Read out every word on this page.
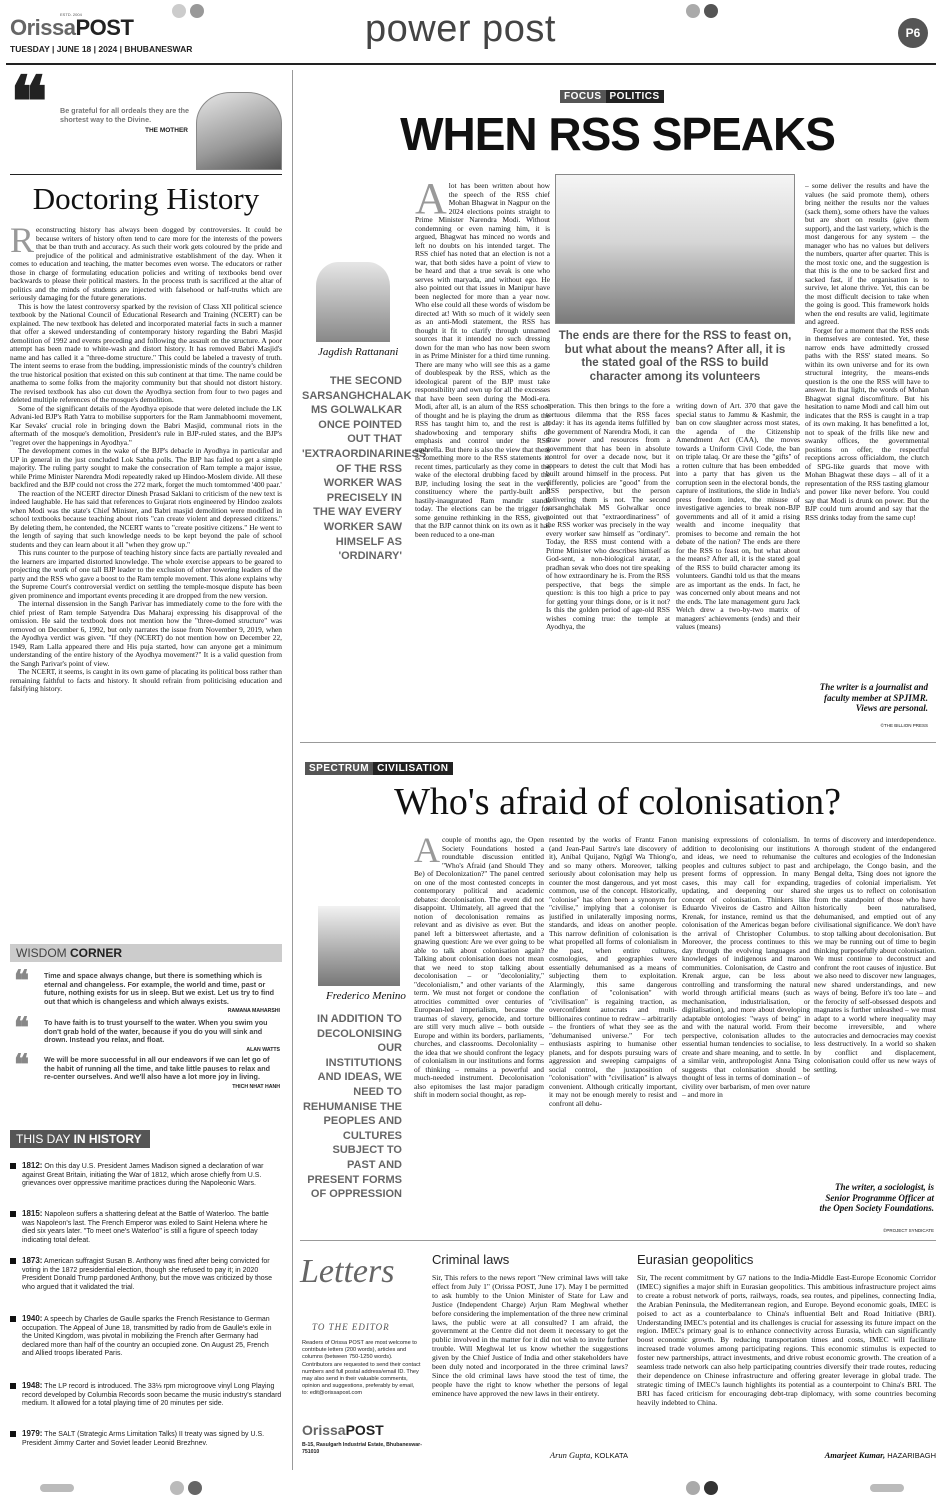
ESTD. 2004
OrissaPOST
TUESDAY | JUNE 18 | 2024 | BHUBANESWAR	power post	P6
❝ Be grateful for all ordeals they are the shortest way to the Divine.
THE MOTHER
Doctoring History

Reconstructing history has always been dogged by controversies. It could be because writers of history often tend to care more for the interests of the powers that be than truth and accuracy. As such their work gets coloured by the pride and prejudice of the political and administrative establishment of the day. When it comes to education and teaching, the matter becomes even worse. The educators or rather those in charge of formulating education policies and writing of textbooks bend over backwards to please their political masters. In the process truth is sacrificed at the altar of politics and the minds of students are injected with falsehood or half-truths which are seriously damaging for the future generations.

This is how the latest controversy sparked by the revision of Class XII political science textbook by the National Council of Educational Research and Training (NCERT) can be explained. The new textbook has deleted and incorporated material facts in such a manner that offer a skewed understanding of contemporary history regarding the Babri Masjid demolition of 1992 and events preceding and following the assault on the structure. A poor attempt has been made to white-wash and distort history. It has removed Babri Masjid's name and has called it a "three-dome structure." This could be labeled a travesty of truth. The intent seems to erase from the budding, impressionistic minds of the country's children the true historical position that existed on this sub continent at that time. The name could be anathema to some folks from the majority community but that should not distort history. The revised textbook has also cut down the Ayodhya section from four to two pages and deleted multiple references of the mosque's demolition.

Some of the significant details of the Ayodhya episode that were deleted include the LK Advani-led BJP's Rath Yatra to mobilise supporters for the Ram Janmabhoomi movement, Kar Sevaks' crucial role in bringing down the Babri Masjid, communal riots in the aftermath of the mosque's demolition, President's rule in BJP-ruled states, and the BJP's "regret over the happenings in Ayodhya."

The development comes in the wake of the BJP's debacle in Ayodhya in particular and UP in general in the just concluded Lok Sabha polls. The BJP has failed to get a simple majority. The ruling party sought to make the consecration of Ram temple a major issue, while Prime Minister Narendra Modi repeatedly raked up Hindoo-Moslem divide. All these backfired and the BJP could not cross the 272 mark, forget the much tomtommed '400 paar.'

The reaction of the NCERT director Dinesh Prasad Saklani to criticism of the new text is indeed laughable. He has said that references to Gujarat riots engineered by Hindoo zealots when Modi was the state's Chief Minister, and Babri masjid demolition were modified in school textbooks because teaching about riots "can create violent and depressed citizens." By deleting them, he contended, the NCERT wants to "create positive citizens." He went to the length of saying that such knowledge needs to be kept beyond the pale of school students and they can learn about it all "when they grow up."

This runs counter to the purpose of teaching history since facts are partially revealed and the learners are imparted distorted knowledge. The whole exercise appears to be geared to projecting the work of one tall BJP leader to the exclusion of other towering leaders of the party and the RSS who gave a boost to the Ram temple movement. This alone explains why the Supreme Court's controversial verdict on settling the temple-mosque dispute has been given prominence and important events preceding it are dropped from the new version.

The internal dissension in the Sangh Parivar has immediately come to the fore with the chief priest of Ram temple Satyendra Das Maharaj expressing his disapproval of the omission. He said the textbook does not mention how the "three-domed structure" was removed on December 6, 1992, but only narrates the issue from November 9, 2019, when the Ayodhya verdict was given. "If they (NCERT) do not mention how on December 22, 1949, Ram Lalla appeared there and His puja started, how can anyone get a minimum understanding of the entire history of the Ayodhya movement?" It is a valid question from the Sangh Parivar's point of view.

The NCERT, it seems, is caught in its own game of placating its political boss rather than remaining faithful to facts and history. It should refrain from politicising education and falsifying history.

WISDOM CORNER
❝ Time and space always change, but there is something which is eternal and changeless. For example, the world and time, past or future, nothing exists for us in sleep. But we exist. Let us try to find out that which is changeless and which always exists.
RAMANA MAHARSHI
❝ To have faith is to trust yourself to the water. When you swim you don't grab hold of the water, because if you do you will sink and drown. Instead you relax, and float.
ALAN WATTS
❝ We will be more successful in all our endeavors if we can let go of the habit of running all the time, and take little pauses to relax and re-center ourselves. And we'll also have a lot more joy in living.
THICH NHAT HANH
THIS DAY IN HISTORY
1812: On this day U.S. President James Madison signed a declaration of war against Great Britain, initiating the War of 1812, which arose chiefly from U.S. grievances over oppressive maritime practices during the Napoleonic Wars.
1815: Napoleon suffers a shattering defeat at the Battle of Waterloo. The battle was Napoleon's last. The French Emperor was exiled to Saint Helena where he died six years later. "To meet one's Waterloo" is still a figure of speech today indicating total defeat.
1873: American suffragist Susan B. Anthony was fined after being convicted for voting in the 1872 presidential election, though she refused to pay it; in 2020 President Donald Trump pardoned Anthony, but the move was criticized by those who argued that it validated the trial.
1940: A speech by Charles de Gaulle sparks the French Resistance to German occupation. The Appeal of June 18, transmitted by radio from de Gaulle's exile in the United Kingdom, was pivotal in mobilizing the French after Germany had declared more than half of the country an occupied zone. On August 25, French and Allied troops liberated Paris.
1948: The LP record is introduced. The 33⅓ rpm microgroove vinyl Long Playing record developed by Columbia Records soon became the music industry's standard medium. It allowed for a total playing time of 20 minutes per side.
1979: The SALT (Strategic Arms Limitation Talks) II treaty was signed by U.S. President Jimmy Carter and Soviet leader Leonid Brezhnev.
FOCUS POLITICS
WHEN RSS SPEAKS
Jagdish Rattanani
THE SECOND SARSANGHCHALAK MS GOLWALKAR ONCE POINTED OUT THAT 'EXTRAORDINARINESS' OF THE RSS WORKER WAS PRECISELY IN THE WAY EVERY WORKER SAW HIMSELF AS 'ORDINARY'
A lot has been written about how the speech of the RSS chief Mohan Bhagwat in Nagpur on the 2024 elections points straight to Prime Minister Narendra Modi. Without condemning or even naming him, it is argued, Bhagwat has minced no words and left no doubts on his intended target. The RSS chief has noted that an election is not a war, that both sides have a point of view to be heard and that a true sevak is one who serves with maryada, and without ego. He also pointed out that issues in Manipur have been neglected for more than a year now. Who else could all these words of wisdom be directed at! With so much of it widely seen as an anti-Modi statement, the RSS has thought it fit to clarify through unnamed sources that it intended no such dressing down for the man who has now been sworn in as Prime Minister for a third time running. There are many who will see this as a game of doublespeak by the RSS, which as the ideological parent of the BJP must take responsibility and own up for all the excesses that have been seen during the Modi-era. Modi, after all, is an alum of the RSS school of thought and he is playing the drum as the RSS has taught him to, and the rest is all shadowboxing and temporary shifts of emphasis and control under the RSS umbrella. But there is also the view that there is something more to the RSS statements in recent times, particularly as they come in the wake of the electoral drubbing faced by the BJP, including losing the seat in the very constituency where the partly-built and hastily-inaugurated Ram mandir stands today. The elections can be the trigger for some genuine rethinking in the RSS, given that the BJP cannot think on its own as it has been reduced to a one-man
The ends are there for the RSS to feast on, but what about the means? After all, it is the stated goal of the RSS to build character among its volunteers
operation. This then brings to the fore a tortuous dilemma that the RSS faces today: it has its agenda items fulfilled by the government of Narendra Modi, it can draw power and resources from a government that has been in absolute control for over a decade now, but it appears to detest the cult that Modi has built around himself in the process. Put differently, policies are "good" from the RSS perspective, but the person delivering them is not. The second sarsanghchalak MS Golwalkar once pointed out that "extraordinariness" of the RSS worker was precisely in the way every worker saw himself as "ordinary". Today, the RSS must contend with a Prime Minister who describes himself as God-sent, a non-biological avatar, a pradhan sevak who does not tire speaking of how extraordinary he is. From the RSS perspective, that begs the simple question: is this too high a price to pay for getting your things done, or is it not? Is this the golden period of age-old RSS wishes coming true: the temple at Ayodhya, the
writing down of Art. 370 that gave the special status to Jammu & Kashmir, the ban on cow slaughter across most states, the agenda of the Citizenship Amendment Act (CAA), the moves towards a Uniform Civil Code, the ban on triple talaq. Or are these the "gifts" of a rotten culture that has been embedded into a party that has given us the corruption seen in the electoral bonds, the capture of institutions, the slide in India's press freedom index, the misuse of investigative agencies to break non-BJP governments and all of it amid a rising wealth and income inequality that promises to become and remain the hot debate of the nation? The ends are there for the RSS to feast on, but what about the means? After all, it is the stated goal of the RSS to build character among its volunteers. Gandhi told us that the means are as important as the ends. In fact, he was concerned only about means and not the ends. The late management guru Jack Welch drew a two-by-two matrix of managers' achievements (ends) and their values (means)

– some deliver the results and have the values (he said promote them), others bring neither the results nor the values (sack them), some others have the values but are short on results (give them support), and the last variety, which is the most dangerous for any system – the manager who has no values but delivers the numbers, quarter after quarter. This is the most toxic one, and the suggestion is that this is the one to be sacked first and sacked fast, if the organisation is to survive, let alone thrive. Yet, this can be the most difficult decision to take when the going is good. This framework holds when the end results are valid, legitimate and agreed.

Forget for a moment that the RSS ends in themselves are contested. Yet, these narrow ends have admittedly crossed paths with the RSS' stated means. So within its own universe and for its own structural integrity, the means-ends question is the one the RSS will have to answer. In that light, the words of Mohan Bhagwat signal discomfiture. But his hesitation to name Modi and call him out indicates that the RSS is caught in a trap of its own making. It has benefitted a lot, not to speak of the frills like new and swanky offices, the governmental positions on offer, the respectful receptions across officialdom, the clutch of SPG-like guards that move with Mohan Bhagwat these days – all of it a representation of the RSS tasting glamour and power like never before. You could say that Modi is drunk on power. But the BJP could turn around and say that the RSS drinks today from the same cup!

The writer is a journalist and faculty member at SPJIMR. Views are personal.
©THE BILLION PRESS
SPECTRUM CIVILISATION
Who's afraid of colonisation?
Frederico Menino
IN ADDITION TO DECOLONISING OUR INSTITUTIONS AND IDEAS, WE NEED TO REHUMANISE THE PEOPLES AND CULTURES SUBJECT TO PAST AND PRESENT FORMS OF OPPRESSION
A couple of months ago, the Open Society Foundations hosted a roundtable discussion entitled "Who's Afraid (and Should They Be) of Decolonization?" The panel centred on one of the most contested concepts in contemporary political and academic debates: decolonisation. The event did not disappoint. Ultimately, all agreed that the notion of decolonisation remains as relevant and as divisive as ever. But the panel left a bittersweet aftertaste, and a gnawing question: Are we ever going to be able to talk about colonisation again? Talking about colonisation does not mean that we need to stop talking about decolonisation – or "decoloniality," "decolonialism," and other variants of the term. We must not forget or condone the atrocities committed over centuries of European-led imperialism, because the traumas of slavery, genocide, and torture are still very much alive – both outside Europe and within its borders, parliaments, churches, and classrooms. Decoloniality – the idea that we should confront the legacy of colonialism in our institutions and forms of thinking – remains a powerful and much-needed instrument. Decolonisation also epitomises the last major paradigm shift in modern social thought, as rep-
resented by the works of Frantz Fanon (and Jean-Paul Sartre's late discovery of it), Aníbal Quijano, Ngũgĩ Wa Thiong'o, and so many others. Moreover, talking seriously about colonisation may help us counter the most dangerous, and yet most common, use of the concept. Historically, "colonise" has often been a synonym for "civilise," implying that a coloniser is justified in unilaterally imposing norms, standards, and ideas on another people. This narrow definition of colonisation is what propelled all forms of colonialism in the past, when entire cultures, cosmologies, and geographies were essentially dehumanised as a means of subjecting them to exploitation. Alarmingly, this same dangerous conflation of "colonisation" with "civilisation" is regaining traction, as overconfident autocrats and multi-billionaires continue to redraw – arbitrarily – the frontiers of what they see as the "dehumanised universe." For tech enthusiasts aspiring to humanise other planets, and for despots pursuing wars of aggression and sweeping campaigns of social control, the juxtaposition of "colonisation" with "civilisation" is always convenient. Although critically important, it may not be enough merely to resist and confront all dehu-
manising expressions of colonialism. In addition to decolonising our institutions and ideas, we need to rehumanise the peoples and cultures subject to past and present forms of oppression. In many cases, this may call for expanding, updating, and deepening our shared concept of colonisation. Thinkers like Eduardo Viveiros de Castro and Ailton Krenak, for instance, remind us that the colonisation of the Americas began before the arrival of Christopher Columbus. Moreover, the process continues to this day through the evolving languages and knowledges of indigenous and maroon communities. Colonisation, de Castro and Krenak argue, can be less about controlling and transforming the natural world through artificial means (such as mechanisation, industrialisation, or digitalisation), and more about developing adaptable ontologies: "ways of being" in and with the natural world. From their perspective, colonisation alludes to the essential human tendencies to socialise, to create and share meaning, and to settle. In a similar vein, anthropologist Anna Tsing suggests that colonisation should be thought of less in terms of domination – of civility over barbarism, of men over nature – and more in
terms of discovery and interdependence. A thorough student of the endangered cultures and ecologies of the Indonesian archipelago, the Congo basin, and the Bengal delta, Tsing does not ignore the tragedies of colonial imperialism. Yet she urges us to reflect on colonisation from the standpoint of those who have historically been naturalised, dehumanised, and emptied out of any civilisational significance. We don't have to stop talking about decolonisation. But we may be running out of time to begin thinking purposefully about colonisation. We must continue to deconstruct and confront the root causes of injustice. But we also need to discover new languages, new shared understandings, and new ways of being. Before it's too late – and the ferocity of self-obsessed despots and magnates is further unleashed – we must adapt to a world where inequality may become irreversible, and where autocracies and democracies may coexist less destructively. In a world so shaken by conflict and displacement, colonisation could offer us new ways of settling.
The writer, a sociologist, is Senior Programme Officer at the Open Society Foundations.
©PROJECT SYNDICATE
Letters
TO THE EDITOR
Readers of Orissa POST are most welcome to contribute letters (200 words), articles and columns (between 750-1250 words). Contributors are requested to send their contact numbers and full postal address/email ID. They may also send in their valuable comments, opinion and suggestions, preferably by email, to: edit@orissapost.com
OrissaPOST
B-15, Rasulgarh Industrial Estate, Bhubaneswar-751010
Criminal laws
Sir, This refers to the news report "New criminal laws will take effect from July 1" (Orissa POST, June 17). May I be permitted to ask humbly to the Union Minister of State for Law and Justice (Independent Charge) Arjun Ram Meghwal whether before considering the implementation of the three new criminal laws, the public were at all consulted? I am afraid, the government at the Centre did not deem it necessary to get the public involved in the matter for it did not wish to invite further trouble. Will Meghwal let us know whether the suggestions given by the Chief Justice of India and other stakeholders have been duly noted and incorporated in the three criminal laws? Since the old criminal laws have stood the test of time, the people have the right to know whether the persons of legal eminence have approved the new laws in their entirety.
Arun Gupta, KOLKATA
Eurasian geopolitics
Sir, The recent commitment by G7 nations to the India-Middle East-Europe Economic Corridor (IMEC) signifies a major shift in Eurasian geopolitics. This ambitious infrastructure project aims to create a robust network of ports, railways, roads, sea routes, and pipelines, connecting India, the Arabian Peninsula, the Mediterranean region, and Europe. Beyond economic goals, IMEC is poised to act as a counterbalance to China's influential Belt and Road Initiative (BRI). Understanding IMEC's potential and its challenges is crucial for assessing its future impact on the region. IMEC's primary goal is to enhance connectivity across Eurasia, which can significantly boost economic growth. By reducing transportation times and costs, IMEC will facilitate increased trade volumes among participating regions. This economic stimulus is expected to foster new partnerships, attract investments, and drive robust economic growth. The creation of a seamless trade network can also help participating countries diversify their trade routes, reducing their dependence on Chinese infrastructure and offering greater leverage in global trade. The strategic timing of IMEC's launch highlights its potential as a counterpoint to China's BRI. The BRI has faced criticism for encouraging debt-trap diplomacy, with some countries becoming heavily indebted to China.
Amarjeet Kumar, HAZARIBAGH
